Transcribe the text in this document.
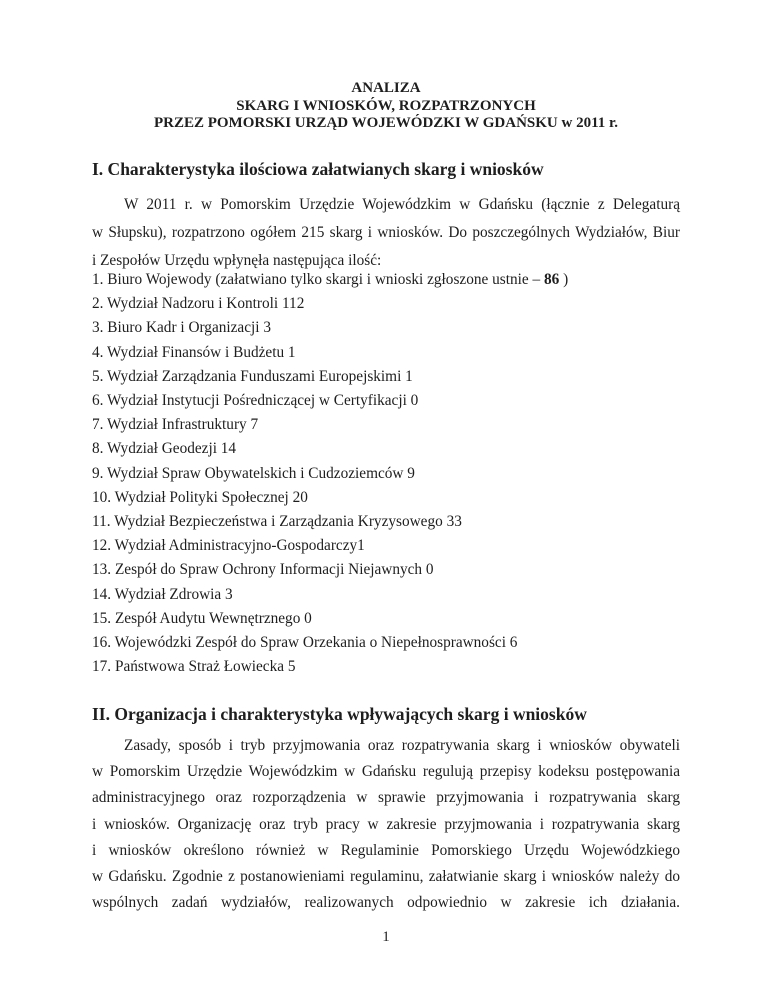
ANALIZA
SKARG I WNIOSKÓW, ROZPATRZONYCH
PRZEZ POMORSKI URZĄD WOJEWÓDZKI W GDAŃSKU w 2011 r.
I. Charakterystyka ilościowa załatwianych skarg i wniosków
W 2011 r. w Pomorskim Urzędzie Wojewódzkim w Gdańsku (łącznie z Delegaturą
w Słupsku), rozpatrzono ogółem 215 skarg i wniosków. Do poszczególnych Wydziałów, Biur
i Zespołów Urzędu wpłynęła następująca ilość:
1. Biuro Wojewody (załatwiano tylko skargi i wnioski zgłoszone ustnie – 86 )
2. Wydział Nadzoru i Kontroli 112
3. Biuro Kadr i Organizacji 3
4. Wydział Finansów i Budżetu 1
5. Wydział Zarządzania Funduszami Europejskimi 1
6. Wydział Instytucji Pośredniczącej w Certyfikacji 0
7. Wydział Infrastruktury 7
8. Wydział Geodezji 14
9. Wydział Spraw Obywatelskich i Cudzoziemców 9
10. Wydział Polityki Społecznej 20
11. Wydział Bezpieczeństwa i Zarządzania Kryzysowego 33
12. Wydział Administracyjno-Gospodarczy1
13. Zespół do Spraw Ochrony Informacji Niejawnych 0
14. Wydział Zdrowia 3
15. Zespół Audytu Wewnętrznego 0
16. Wojewódzki Zespół do Spraw Orzekania o Niepełnosprawności 6
17. Państwowa Straż Łowiecka 5
II. Organizacja i charakterystyka wpływających skarg i wniosków
Zasady, sposób i tryb przyjmowania oraz rozpatrywania skarg i wniosków obywateli
w Pomorskim Urzędzie Wojewódzkim w Gdańsku regulują przepisy kodeksu postępowania
administracyjnego oraz rozporządzenia w sprawie przyjmowania i rozpatrywania skarg
i wniosków. Organizację oraz tryb pracy w zakresie przyjmowania i rozpatrywania skarg
i wniosków określono również w Regulaminie Pomorskiego Urzędu Wojewódzkiego
w Gdańsku. Zgodnie z postanowieniami regulaminu, załatwianie skarg i wniosków należy do
wspólnych zadań wydziałów, realizowanych odpowiednio w zakresie ich działania.
1
